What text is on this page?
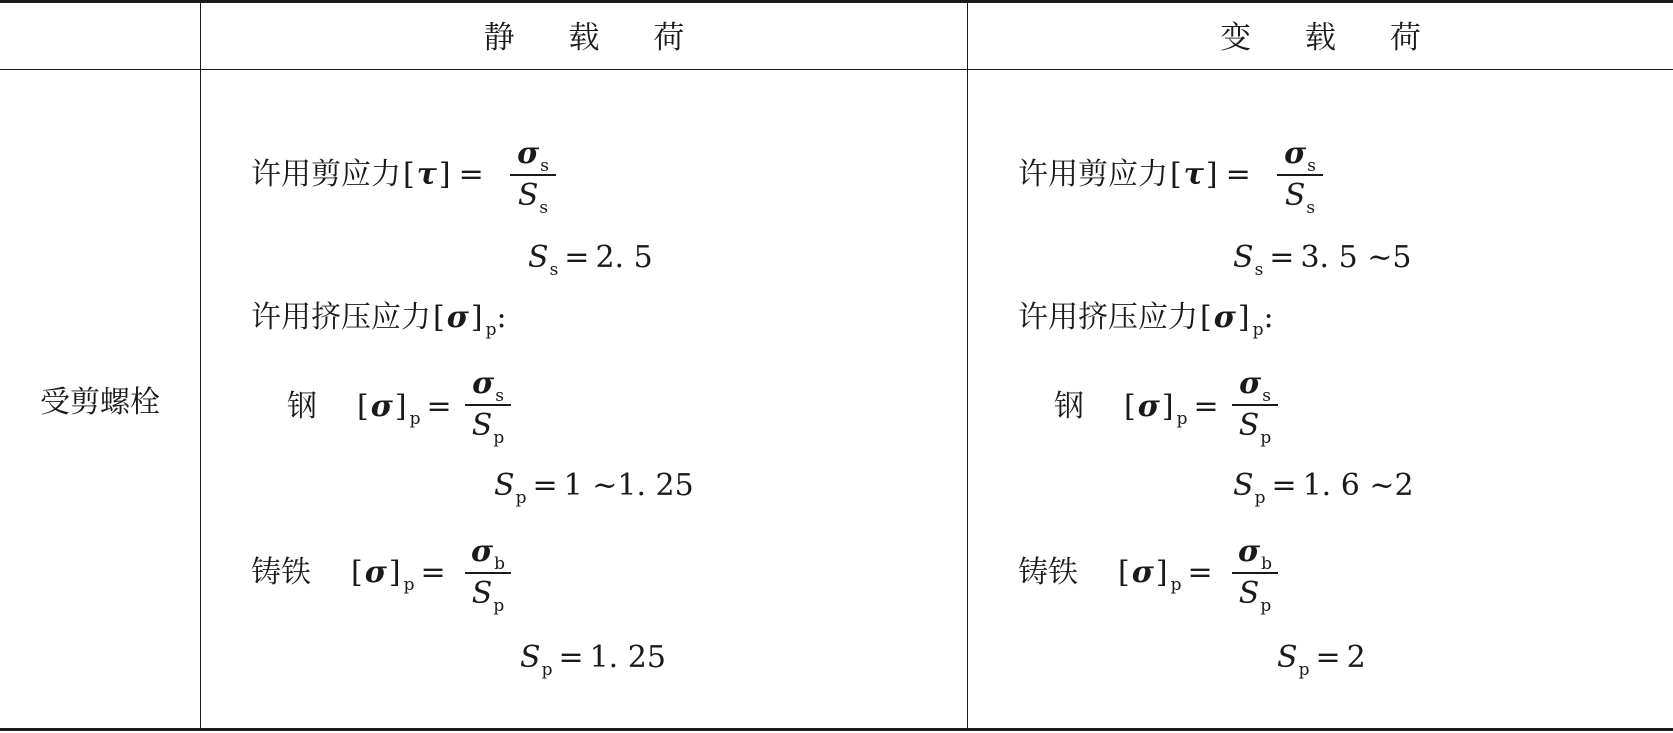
静 载 荷	变 载 荷
受剪螺栓
许用剪应力[τ] =
$\sigma_s$
$S_s$
$S_s = 2$. 5
许用挤压应力[σ] $_p$:
钢 [σ] $_p$ =
$\sigma_s$
$S_p$
$S_p = 1$ ~1. 25
铸铁 [σ] $_p$ =
$\sigma_b$
$S_p$
$S_p = 1$. 25
许用剪应力[τ] =
$\sigma_s$
$S_s$
$S_s = 3$. 5 ~5
许用挤压应力[σ] $_p$:
钢 [σ] $_p$ =
$\sigma_s$
$S_p$
$S_p = 1$. 6 ~2
铸铁 [σ] $_p$ =
$\sigma_b$
$S_p$
$S_p = 2$
